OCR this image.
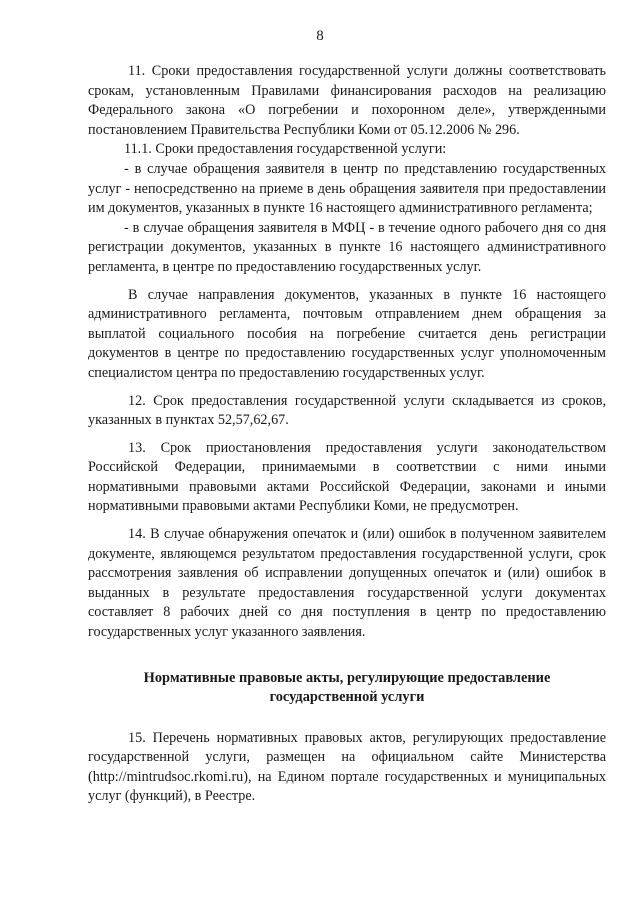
8

11. Сроки предоставления государственной услуги должны соответствовать срокам, установленным Правилами финансирования расходов на реализацию Федерального закона «О погребении и похоронном деле», утвержденными постановлением Правительства Республики Коми от 05.12.2006 № 296.

11.1. Сроки предоставления государственной услуги:

- в случае обращения заявителя в центр по представлению государственных услуг - непосредственно на приеме в день обращения заявителя при предоставлении им документов, указанных в пункте 16 настоящего административного регламента;

- в случае обращения заявителя в МФЦ - в течение одного рабочего дня со дня регистрации документов, указанных в пункте 16 настоящего административного регламента, в центре по предоставлению государственных услуг.

В случае направления документов, указанных в пункте 16 настоящего административного регламента, почтовым отправлением днем обращения за выплатой социального пособия на погребение считается день регистрации документов в центре по предоставлению государственных услуг уполномоченным специалистом центра по предоставлению государственных услуг.

12. Срок предоставления государственной услуги складывается из сроков, указанных в пунктах 52,57,62,67.

13. Срок приостановления предоставления услуги законодательством Российской Федерации, принимаемыми в соответствии с ними иными нормативными правовыми актами Российской Федерации, законами и иными нормативными правовыми актами Республики Коми, не предусмотрен.

14. В случае обнаружения опечаток и (или) ошибок в полученном заявителем документе, являющемся результатом предоставления государственной услуги, срок рассмотрения заявления об исправлении допущенных опечаток и (или) ошибок в выданных в результате предоставления государственной услуги документах составляет 8 рабочих дней со дня поступления в центр по предоставлению государственных услуг указанного заявления.

Нормативные правовые акты, регулирующие предоставление
государственной услуги

15. Перечень нормативных правовых актов, регулирующих предоставление государственной услуги, размещен на официальном сайте Министерства (http://mintrudsoc.rkomi.ru), на Едином портале государственных и муниципальных услуг (функций), в Реестре.
